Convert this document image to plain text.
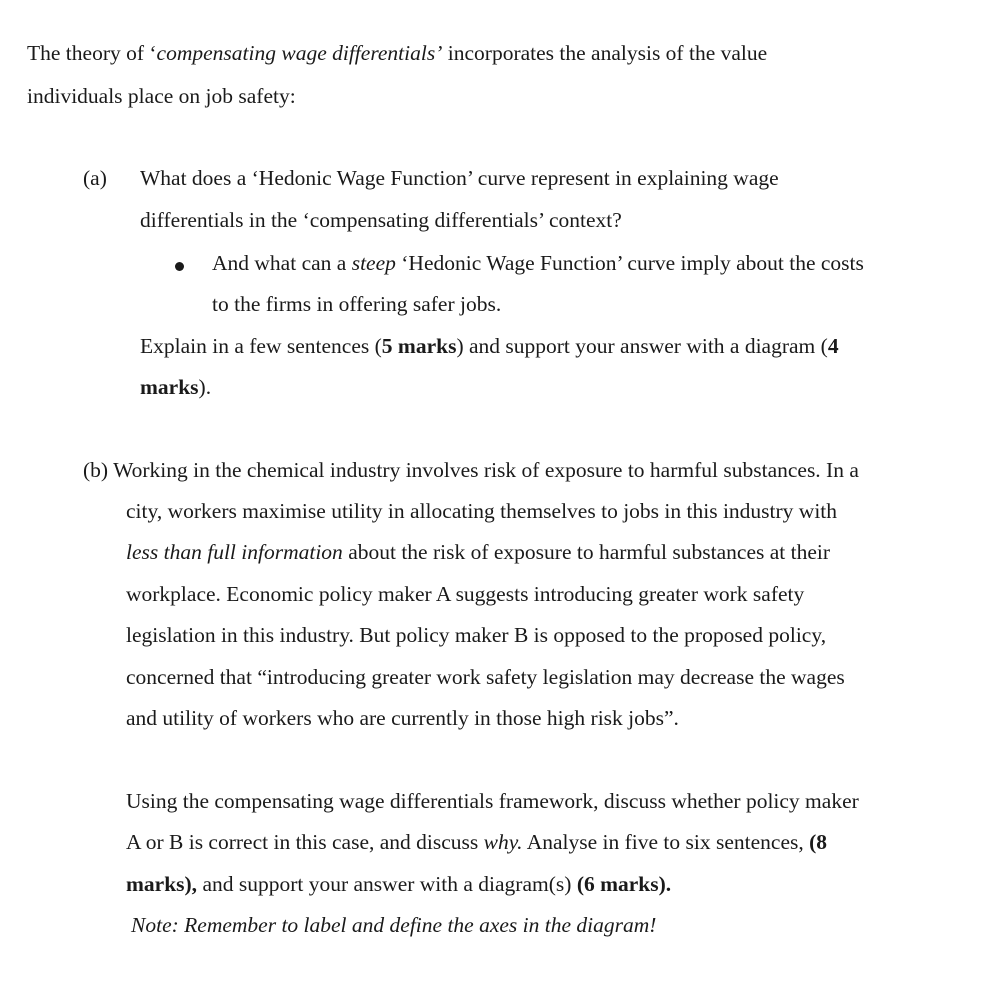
The theory of ‘compensating wage differentials’ incorporates the analysis of the value
individuals place on job safety:
(a) What does a ‘Hedonic Wage Function’ curve represent in explaining wage
differentials in the ‘compensating differentials’ context?
And what can a steep ‘Hedonic Wage Function’ curve imply about the costs
to the firms in offering safer jobs.
Explain in a few sentences (5 marks) and support your answer with a diagram (4
marks).
(b) Working in the chemical industry involves risk of exposure to harmful substances. In a
city, workers maximise utility in allocating themselves to jobs in this industry with
less than full information about the risk of exposure to harmful substances at their
workplace. Economic policy maker A suggests introducing greater work safety
legislation in this industry. But policy maker B is opposed to the proposed policy,
concerned that “introducing greater work safety legislation may decrease the wages
and utility of workers who are currently in those high risk jobs”.
Using the compensating wage differentials framework, discuss whether policy maker
A or B is correct in this case, and discuss why. Analyse in five to six sentences, (8
marks), and support your answer with a diagram(s) (6 marks).
Note: Remember to label and define the axes in the diagram!
